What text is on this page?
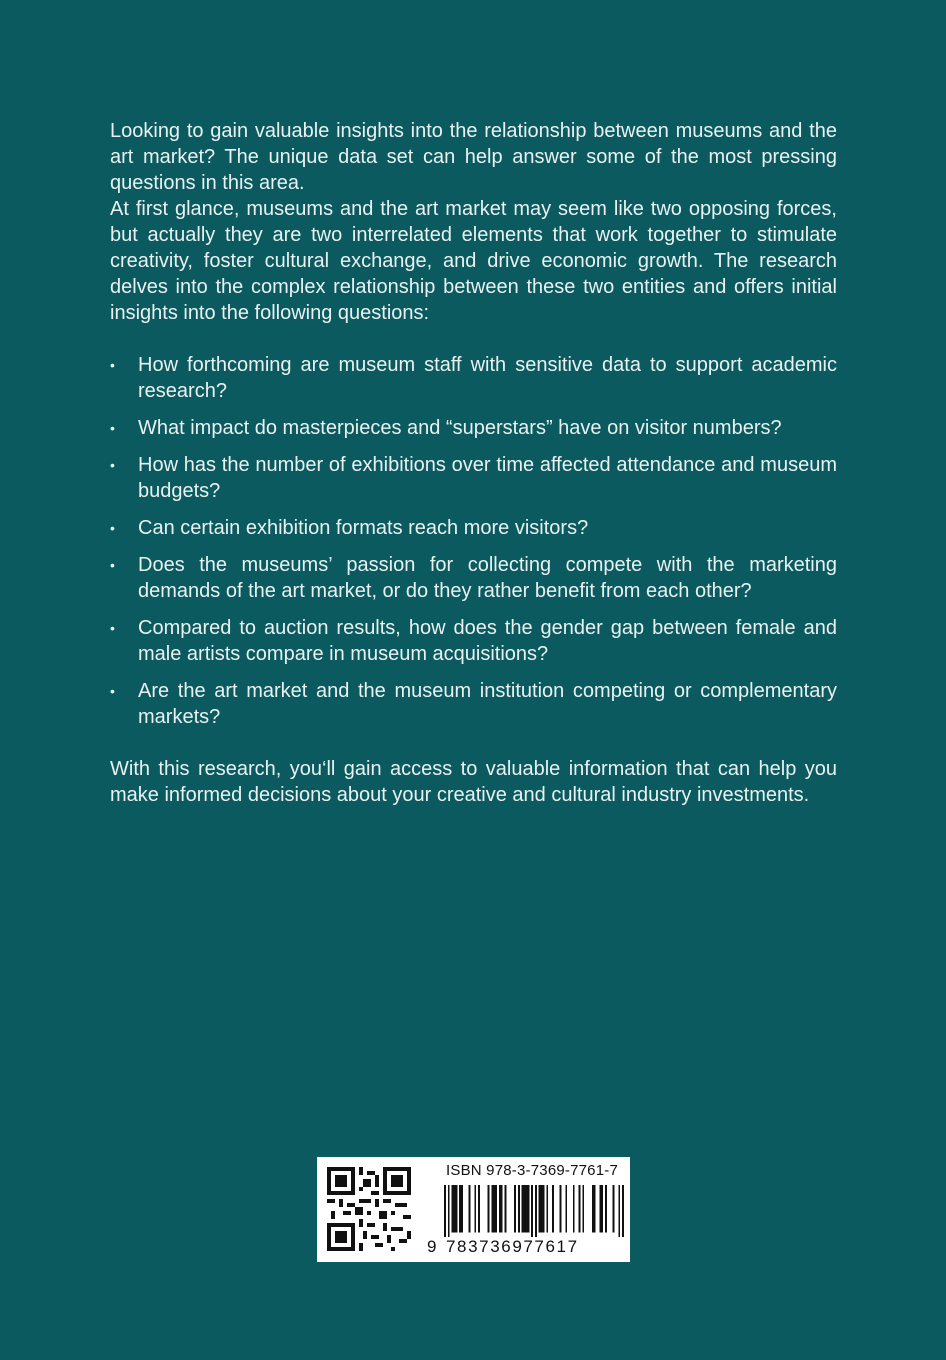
Looking to gain valuable insights into the relationship between museums and the art market? The unique data set can help answer some of the most pressing questions in this area.

At first glance, museums and the art market may seem like two opposing forces, but actually they are two interrelated elements that work together to stimulate creativity, foster cultural exchange, and drive economic growth. The research delves into the complex relationship between these two entities and offers initial insights into the following questions:

• How forthcoming are museum staff with sensitive data to support academic research?
• What impact do masterpieces and “superstars” have on visitor numbers?
• How has the number of exhibitions over time affected attendance and museum budgets?
• Can certain exhibition formats reach more visitors?
• Does the museums’ passion for collecting compete with the marketing demands of the art market, or do they rather benefit from each other?
• Compared to auction results, how does the gender gap between female and male artists compare in museum acquisitions?
• Are the art market and the museum institution competing or complementary markets?

With this research, you‘ll gain access to valuable information that can help you make informed decisions about your creative and cultural industry investments.

ISBN 978-3-7369-7761-7
9 783736977617
